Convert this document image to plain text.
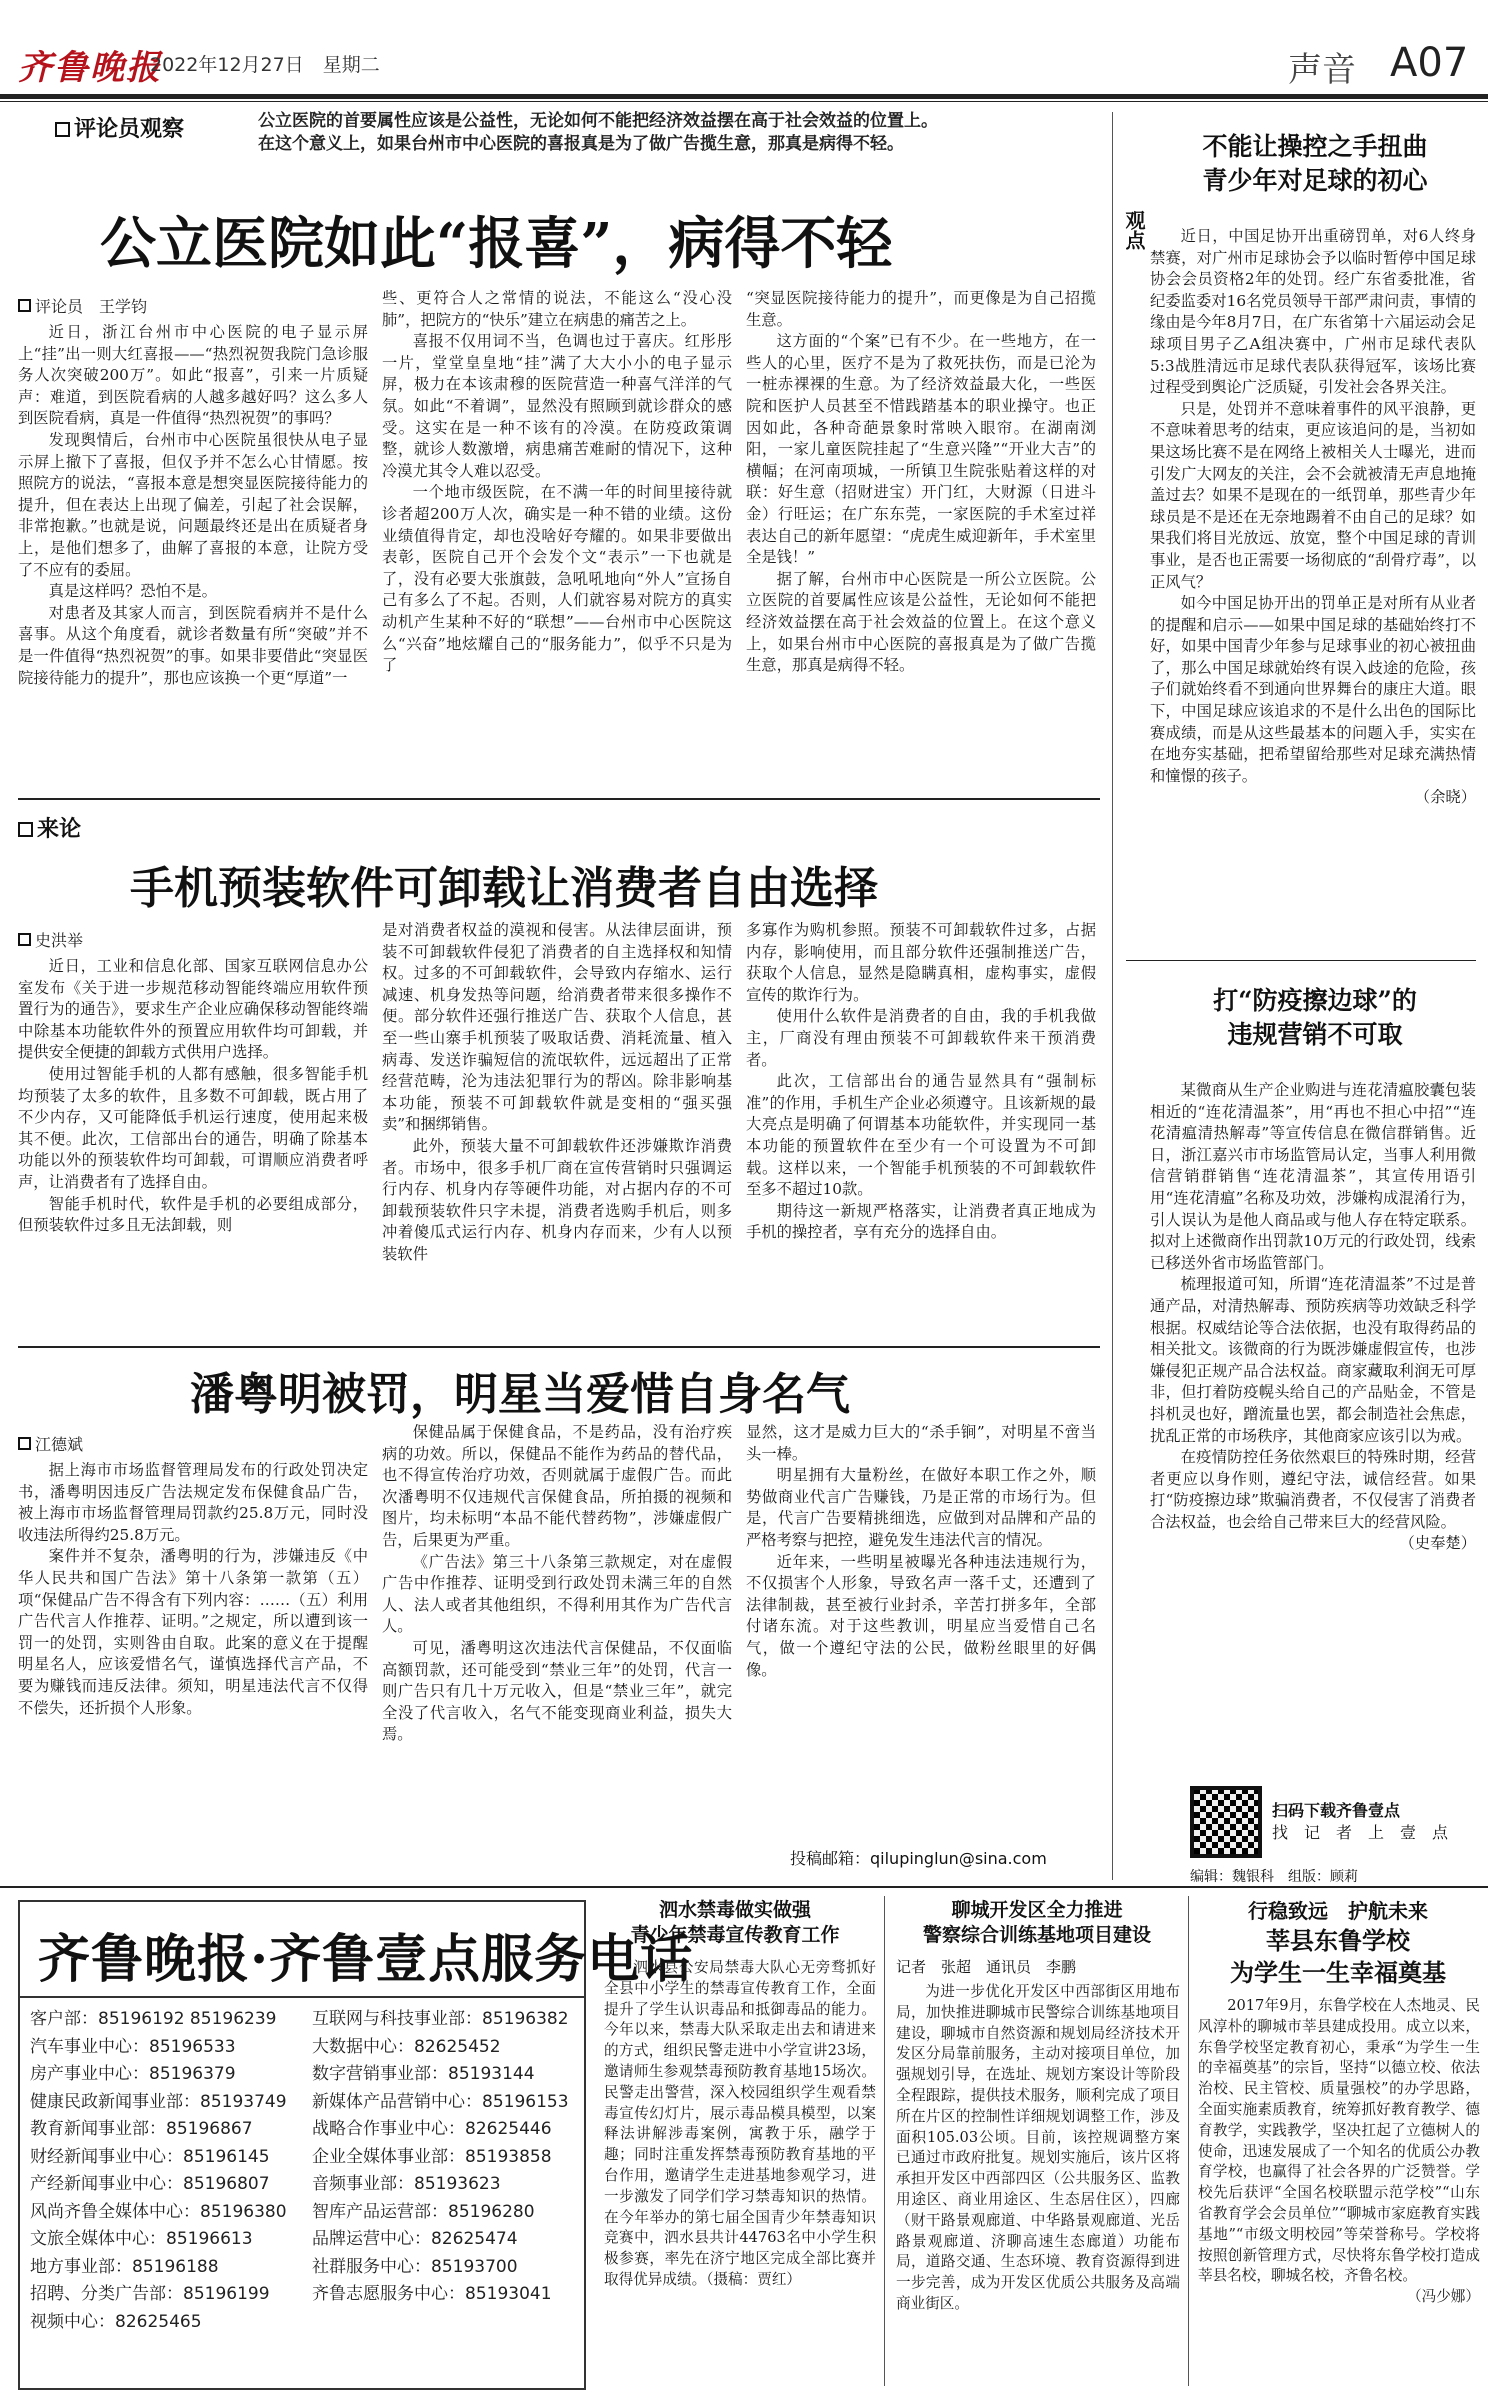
齐鲁晚报
2022年12月27日　星期二	声音 A07
评论员观察	公立医院的首要属性应该是公益性，无论如何不能把经济效益摆在高于社会效益的位置上。
在这个意义上，如果台州市中心医院的喜报真是为了做广告揽生意，那真是病得不轻。
公立医院如此“报喜”，病得不轻
评论员　王学钧

近日，浙江台州市中心医院的电子显示屏上“挂”出一则大红喜报——“热烈祝贺我院门急诊服务人次突破200万”。如此“报喜”，引来一片质疑声：难道，到医院看病的人越多越好吗？这么多人到医院看病，真是一件值得“热烈祝贺”的事吗？

发现舆情后，台州市中心医院虽很快从电子显示屏上撤下了喜报，但仅予并不怎么心甘情愿。按照院方的说法，“喜报本意是想突显医院接待能力的提升，但在表达上出现了偏差，引起了社会误解，非常抱歉。”也就是说，问题最终还是出在质疑者身上，是他们想多了，曲解了喜报的本意，让院方受了不应有的委屈。

真是这样吗？恐怕不是。

对患者及其家人而言，到医院看病并不是什么喜事。从这个角度看，就诊者数量有所“突破”并不是一件值得“热烈祝贺”的事。如果非要借此“突显医院接待能力的提升”，那也应该换一个更“厚道”一

些、更符合人之常情的说法，不能这么“没心没肺”，把院方的“快乐”建立在病患的痛苦之上。

喜报不仅用词不当，色调也过于喜庆。红彤彤一片，堂堂皇皇地“挂”满了大大小小的电子显示屏，极力在本该肃穆的医院营造一种喜气洋洋的气氛。如此“不着调”，显然没有照顾到就诊群众的感受。这实在是一种不该有的冷漠。在防疫政策调整，就诊人数激增，病患痛苦难耐的情况下，这种冷漠尤其令人难以忍受。

一个地市级医院，在不满一年的时间里接待就诊者超200万人次，确实是一种不错的业绩。这份业绩值得肯定，却也没啥好夸耀的。如果非要做出表彰，医院自己开个会发个文“表示”一下也就是了，没有必要大张旗鼓，急吼吼地向“外人”宣扬自己有多么了不起。否则，人们就容易对院方的真实动机产生某种不好的“联想”——台州市中心医院这么“兴奋”地炫耀自己的“服务能力”，似乎不只是为了

“突显医院接待能力的提升”，而更像是为自己招揽生意。

这方面的“个案”已有不少。在一些地方，在一些人的心里，医疗不是为了救死扶伤，而是已沦为一桩赤裸裸的生意。为了经济效益最大化，一些医院和医护人员甚至不惜践踏基本的职业操守。也正因如此，各种奇葩景象时常映入眼帘。在湖南浏阳，一家儿童医院挂起了“生意兴隆”“开业大吉”的横幅；在河南项城，一所镇卫生院张贴着这样的对联：好生意（招财进宝）开门红，大财源（日进斗金）行旺运；在广东东莞，一家医院的手术室过祥表达自己的新年愿望：“虎虎生威迎新年，手术室里全是钱！”

据了解，台州市中心医院是一所公立医院。公立医院的首要属性应该是公益性，无论如何不能把经济效益摆在高于社会效益的位置上。在这个意义上，如果台州市中心医院的喜报真是为了做广告揽生意，那真是病得不轻。

来论
手机预装软件可卸载让消费者自由选择
史洪举

近日，工业和信息化部、国家互联网信息办公室发布《关于进一步规范移动智能终端应用软件预置行为的通告》，要求生产企业应确保移动智能终端中除基本功能软件外的预置应用软件均可卸载，并提供安全便捷的卸载方式供用户选择。

使用过智能手机的人都有感触，很多智能手机均预装了太多的软件，且多数不可卸载，既占用了不少内存，又可能降低手机运行速度，使用起来极其不便。此次，工信部出台的通告，明确了除基本功能以外的预装软件均可卸载，可谓顺应消费者呼声，让消费者有了选择自由。

智能手机时代，软件是手机的必要组成部分，但预装软件过多且无法卸载，则

是对消费者权益的漠视和侵害。从法律层面讲，预装不可卸载软件侵犯了消费者的自主选择权和知情权。过多的不可卸载软件，会导致内存缩水、运行减速、机身发热等问题，给消费者带来很多操作不便。部分软件还强行推送广告、获取个人信息，甚至一些山寨手机预装了吸取话费、消耗流量、植入病毒、发送诈骗短信的流氓软件，远远超出了正常经营范畴，沦为违法犯罪行为的帮凶。除非影响基本功能，预装不可卸载软件就是变相的“强买强卖”和捆绑销售。

此外，预装大量不可卸载软件还涉嫌欺诈消费者。市场中，很多手机厂商在宣传营销时只强调运行内存、机身内存等硬件功能，对占据内存的不可卸载预装软件只字未提，消费者选购手机后，则多冲着傻瓜式运行内存、机身内存而来，少有人以预装软件

多寡作为购机参照。预装不可卸载软件过多，占据内存，影响使用，而且部分软件还强制推送广告，获取个人信息，显然是隐瞒真相，虚构事实，虚假宣传的欺诈行为。

使用什么软件是消费者的自由，我的手机我做主，厂商没有理由预装不可卸载软件来干预消费者。

此次，工信部出台的通告显然具有“强制标准”的作用，手机生产企业必须遵守。且该新规的最大亮点是明确了何谓基本功能软件，并实现同一基本功能的预置软件在至少有一个可设置为不可卸载。这样以来，一个智能手机预装的不可卸载软件至多不超过10款。

期待这一新规严格落实，让消费者真正地成为手机的操控者，享有充分的选择自由。

潘粤明被罚，明星当爱惜自身名气
江德斌

据上海市市场监督管理局发布的行政处罚决定书，潘粤明因违反广告法规定发布保健食品广告，被上海市市场监督管理局罚款约25.8万元，同时没收违法所得约25.8万元。

案件并不复杂，潘粤明的行为，涉嫌违反《中华人民共和国广告法》第十八条第一款第（五）项“保健品广告不得含有下列内容：……（五）利用广告代言人作推荐、证明。”之规定，所以遭到该一罚一的处罚，实则咎由自取。此案的意义在于提醒明星名人，应该爱惜名气，谨慎选择代言产品，不要为赚钱而违反法律。须知，明星违法代言不仅得不偿失，还折损个人形象。

保健品属于保健食品，不是药品，没有治疗疾病的功效。所以，保健品不能作为药品的替代品，也不得宣传治疗功效，否则就属于虚假广告。而此次潘粤明不仅违规代言保健食品，所拍摄的视频和图片，均未标明“本品不能代替药物”，涉嫌虚假广告，后果更为严重。

《广告法》第三十八条第三款规定，对在虚假广告中作推荐、证明受到行政处罚未满三年的自然人、法人或者其他组织，不得利用其作为广告代言人。

可见，潘粤明这次违法代言保健品，不仅面临高额罚款，还可能受到“禁业三年”的处罚，代言一则广告只有几十万元收入，但是“禁业三年”，就完全没了代言收入，名气不能变现商业利益，损失大焉。

显然，这才是威力巨大的“杀手锏”，对明星不啻当头一棒。

明星拥有大量粉丝，在做好本职工作之外，顺势做商业代言广告赚钱，乃是正常的市场行为。但是，代言广告要精挑细选，应做到对品牌和产品的严格考察与把控，避免发生违法代言的情况。

近年来，一些明星被曝光各种违法违规行为，不仅损害个人形象，导致名声一落千丈，还遭到了法律制裁，甚至被行业封杀，辛苦打拼多年，全部付诸东流。对于这些教训，明星应当爱惜自己名气，做一个遵纪守法的公民，做粉丝眼里的好偶像。

投稿邮箱：qilupinglun@sina.com
观点
不能让操控之手扭曲
青少年对足球的初心

近日，中国足协开出重磅罚单，对6人终身禁赛，对广州市足球协会予以临时暂停中国足球协会会员资格2年的处罚。经广东省委批准，省纪委监委对16名党员领导干部严肃问责，事情的缘由是今年8月7日，在广东省第十六届运动会足球项目男子乙A组决赛中，广州市足球代表队5:3战胜清远市足球代表队获得冠军，该场比赛过程受到舆论广泛质疑，引发社会各界关注。

只是，处罚并不意味着事件的风平浪静，更不意味着思考的结束，更应该追问的是，当初如果这场比赛不是在网络上被相关人士曝光，进而引发广大网友的关注，会不会就被清无声息地掩盖过去？如果不是现在的一纸罚单，那些青少年球员是不是还在无奈地踢着不由自己的足球？如果我们将目光放远、放宽，整个中国足球的青训事业，是否也正需要一场彻底的“刮骨疗毒”，以正风气？

如今中国足协开出的罚单正是对所有从业者的提醒和启示——如果中国足球的基础始终打不好，如果中国青少年参与足球事业的初心被扭曲了，那么中国足球就始终有误入歧途的危险，孩子们就始终看不到通向世界舞台的康庄大道。眼下，中国足球应该追求的不是什么出色的国际比赛成绩，而是从这些最基本的问题入手，实实在在地夯实基础，把希望留给那些对足球充满热情和憧憬的孩子。

（余晓）
打“防疫擦边球”的
违规营销不可取

某微商从生产企业购进与连花清瘟胶囊包装相近的“连花清温茶”，用“再也不担心中招”“连花清瘟清热解毒”等宣传信息在微信群销售。近日，浙江嘉兴市市场监管局认定，当事人利用微信营销群销售“连花清温茶”，其宣传用语引用“连花清瘟”名称及功效，涉嫌构成混淆行为，引人误认为是他人商品或与他人存在特定联系。拟对上述微商作出罚款10万元的行政处罚，线索已移送外省市场监管部门。

梳理报道可知，所谓“连花清温茶”不过是普通产品，对清热解毒、预防疾病等功效缺乏科学根据。权威结论等合法依据，也没有取得药品的相关批文。该微商的行为既涉嫌虚假宣传，也涉嫌侵犯正规产品合法权益。商家藏取利润无可厚非，但打着防疫幌头给自己的产品贴金，不管是抖机灵也好，蹭流量也罢，都会制造社会焦虑，扰乱正常的市场秩序，其他商家应该引以为戒。

在疫情防控任务依然艰巨的特殊时期，经营者更应以身作则，遵纪守法，诚信经营。如果打“防疫擦边球”欺骗消费者，不仅侵害了消费者合法权益，也会给自己带来巨大的经营风险。

（史奉楚）
扫码下载齐鲁壹点
找　记　者　上　壹　点
编辑：魏银科　组版：顾莉
齐鲁晚报·齐鲁壹点服务电话
客户部：85196192 85196239
汽车事业中心：85196533
房产事业中心：85196379
健康民政新闻事业部：85193749
教育新闻事业部：85196867
财经新闻事业中心：85196145
产经新闻事业中心：85196807
风尚齐鲁全媒体中心：85196380
文旅全媒体中心：85196613
地方事业部：85196188
招聘、分类广告部：85196199
视频中心：82625465
互联网与科技事业部：85196382
大数据中心：82625452
数字营销事业部：85193144
新媒体产品营销中心：85196153
战略合作事业中心：82625446
企业全媒体事业部：85193858
音频事业部：85193623
智库产品运营部：85196280
品牌运营中心：82625474
社群服务中心：85193700
齐鲁志愿服务中心：85193041
泗水禁毒做实做强
青少年禁毒宣传教育工作

泗水县公安局禁毒大队心无旁骛抓好全县中小学生的禁毒宣传教育工作，全面提升了学生认识毒品和抵御毒品的能力。今年以来，禁毒大队采取走出去和请进来的方式，组织民警走进中小学宣讲23场，邀请师生参观禁毒预防教育基地15场次。民警走出警营，深入校园组织学生观看禁毒宣传幻灯片，展示毒品模具模型，以案释法讲解涉毒案例，寓教于乐，融学于趣；同时注重发挥禁毒预防教育基地的平台作用，邀请学生走进基地参观学习，进一步激发了同学们学习禁毒知识的热情。在今年举办的第七届全国青少年禁毒知识竞赛中，泗水县共计44763名中小学生积极参赛，率先在济宁地区完成全部比赛并取得优异成绩。（摄稿：贾红）

聊城开发区全力推进
警察综合训练基地项目建设
记者　张超　通讯员　李鹏

为进一步优化开发区中西部街区用地布局，加快推进聊城市民警综合训练基地项目建设，聊城市自然资源和规划局经济技术开发区分局靠前服务，主动对接项目单位，加强规划引导，在选址、规划方案设计等阶段全程跟踪，提供技术服务，顺利完成了项目所在片区的控制性详细规划调整工作，涉及面积105.03公顷。目前，该控规调整方案已通过市政府批复。规划实施后，该片区将承担开发区中西部四区（公共服务区、监教用途区、商业用途区、生态居住区），四廊（财干路景观廊道、中华路景观廊道、光岳路景观廊道、济聊高速生态廊道）功能布局，道路交通、生态环境、教育资源得到进一步完善，成为开发区优质公共服务及高端商业街区。

行稳致远　护航未来
莘县东鲁学校
为学生一生幸福奠基

2017年9月，东鲁学校在人杰地灵、民风淳朴的聊城市莘县建成投用。成立以来，东鲁学校坚定教育初心，秉承“为学生一生的幸福奠基”的宗旨，坚持“以德立校、依法治校、民主管校、质量强校”的办学思路，全面实施素质教育，统筹抓好教育教学、德育教学，实践教学，坚决扛起了立德树人的使命，迅速发展成了一个知名的优质公办教育学校，也赢得了社会各界的广泛赞誉。学校先后获评“全国名校联盟示范学校”“山东省教育学会会员单位”“聊城市家庭教育实践基地”“市级文明校园”等荣誉称号。学校将按照创新管理方式，尽快将东鲁学校打造成莘县名校，聊城名校，齐鲁名校。

（冯少娜）
